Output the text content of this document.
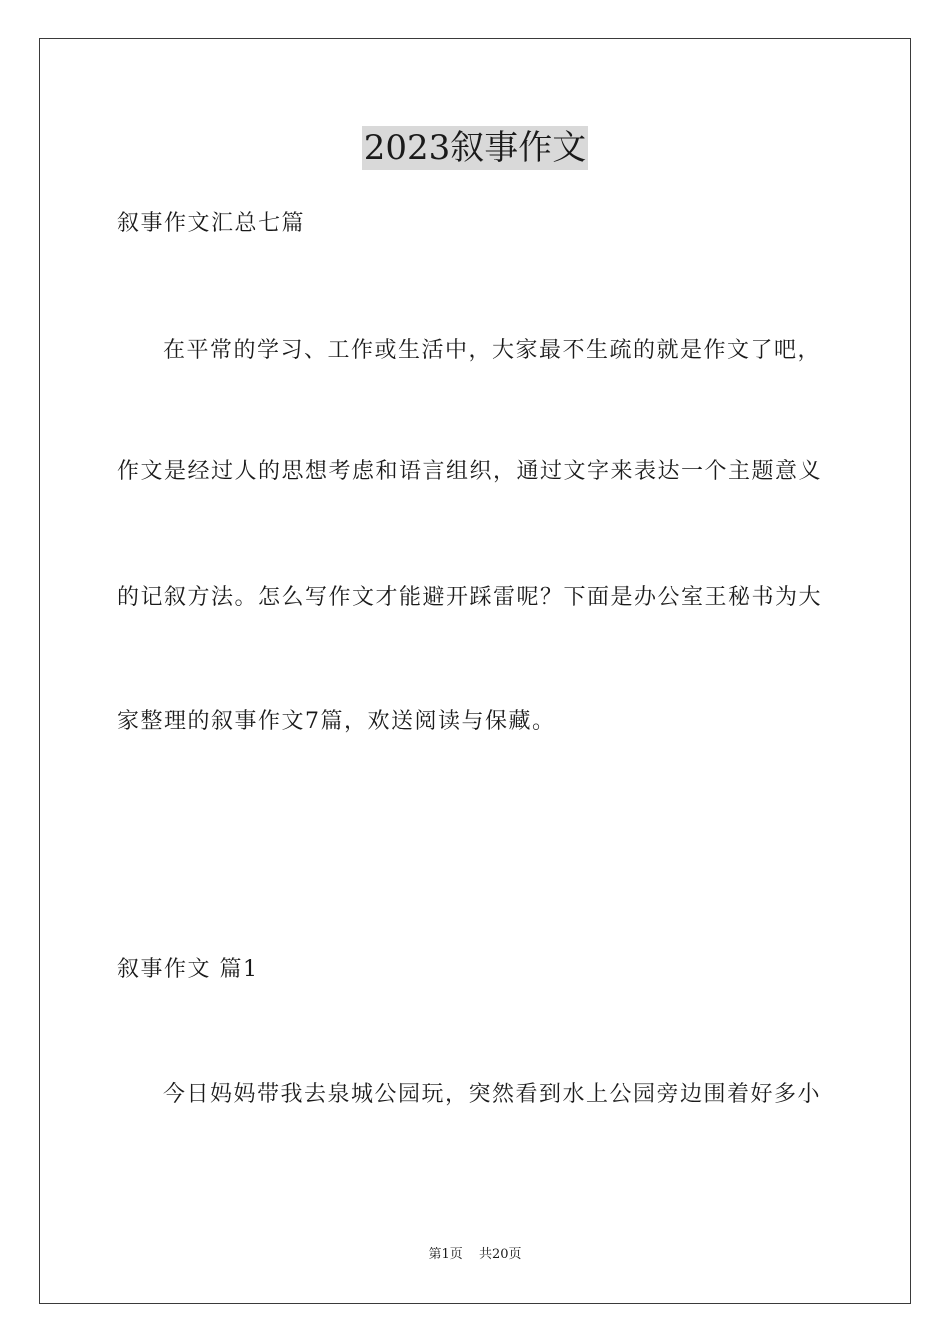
2023叙事作文
叙事作文汇总七篇
在平常的学习、工作或生活中，大家最不生疏的就是作文了吧，
作文是经过人的思想考虑和语言组织，通过文字来表达一个主题意义
的记叙方法。怎么写作文才能避开踩雷呢？下面是办公室王秘书为大
家整理的叙事作文7篇，欢送阅读与保藏。
叙事作文 篇1
今日妈妈带我去泉城公园玩，突然看到水上公园旁边围着好多小
第1页 共20页
